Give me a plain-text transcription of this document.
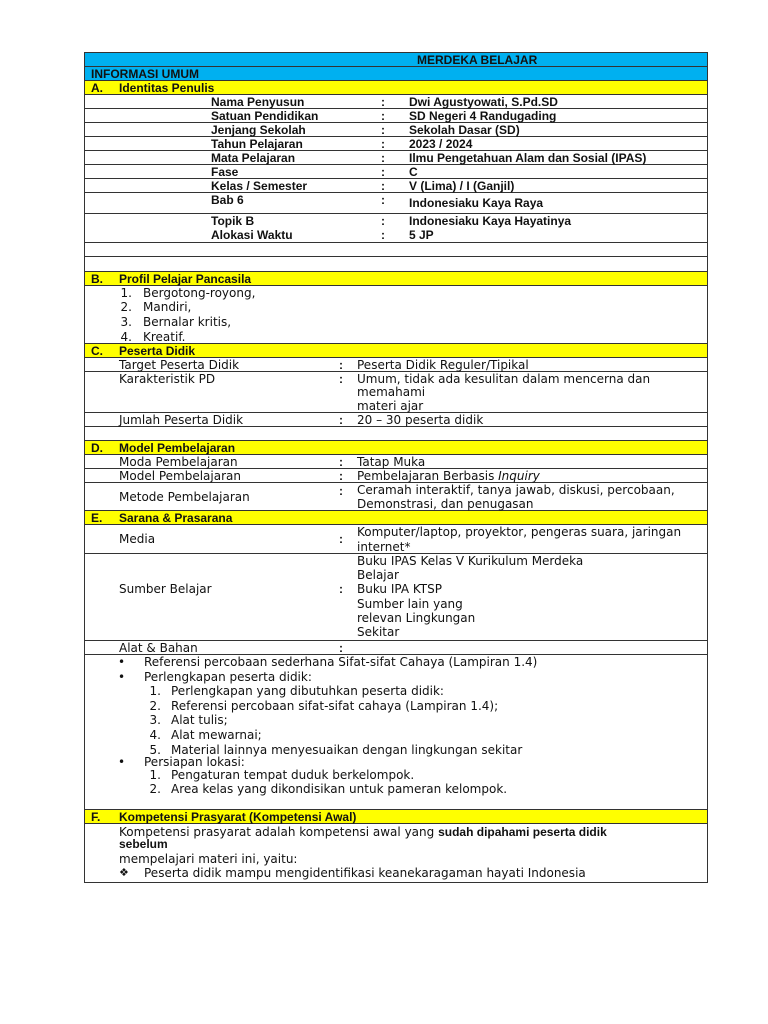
MERDEKA BELAJAR
INFORMASI UMUM
A. Identitas Penulis
Nama Penyusun	: Dwi Agustyowati, S.Pd.SD
Satuan Pendidikan	: SD Negeri 4 Randugading
Jenjang Sekolah	: Sekolah Dasar (SD)
Tahun Pelajaran	: 2023 / 2024
Mata Pelajaran	: Ilmu Pengetahuan Alam dan Sosial (IPAS)
Fase	: C
Kelas / Semester	: V (Lima) / I (Ganjil)
Bab 6	: Indonesiaku Kaya Raya
Topik B	: Indonesiaku Kaya Hayatinya
Alokasi Waktu	: 5 JP
B. Profil Pelajar Pancasila
1. Bergotong-royong,
2. Mandiri,
3. Bernalar kritis,
4. Kreatif.
C. Peserta Didik
Target Peserta Didik	: Peserta Didik Reguler/Tipikal
Karakteristik PD	: Umum, tidak ada kesulitan dalam mencerna dan
memahami
materi ajar
Jumlah Peserta Didik	: 20 – 30 peserta didik
D. Model Pembelajaran
Moda Pembelajaran	: Tatap Muka
Model Pembelajaran	: Pembelajaran Berbasis Inquiry
Metode Pembelajaran	: Ceramah interaktif, tanya jawab, diskusi, percobaan,
Demonstrasi, dan penugasan
E. Sarana & Prasarana
Media	: Komputer/laptop, proyektor, pengeras suara, jaringan
internet*
Sumber Belajar	:
Buku IPAS Kelas V Kurikulum Merdeka
Belajar
Buku IPA KTSP
Sumber lain yang
relevan Lingkungan
Sekitar
Alat & Bahan	:
• Referensi percobaan sederhana Sifat-sifat Cahaya (Lampiran 1.4)
• Perlengkapan peserta didik:
1. Perlengkapan yang dibutuhkan peserta didik:
2. Referensi percobaan sifat-sifat cahaya (Lampiran 1.4);
3. Alat tulis;
4. Alat mewarnai;
5. Material lainnya menyesuaikan dengan lingkungan sekitar
• Persiapan lokasi:
1. Pengaturan tempat duduk berkelompok.
2. Area kelas yang dikondisikan untuk pameran kelompok.
F. Kompetensi Prasyarat (Kompetensi Awal)
Kompetensi prasyarat adalah kompetensi awal yang sudah dipahami peserta didik
sebelum
mempelajari materi ini, yaitu:
❖ Peserta didik mampu mengidentifikasi keanekaragaman hayati Indonesia
